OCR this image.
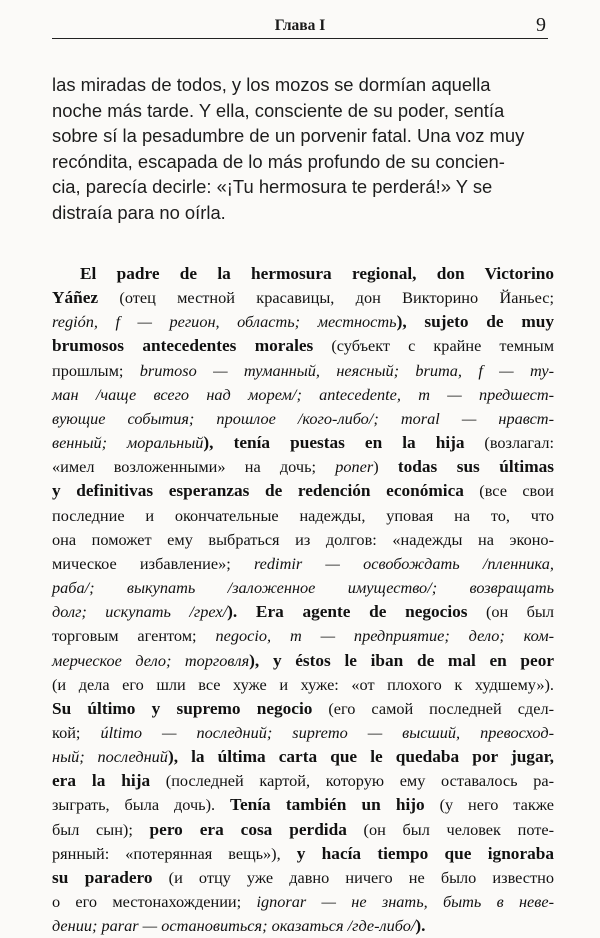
Глава I	9
las miradas de todos, y los mozos se dormían aquella
noche más tarde. Y ella, consciente de su poder, sentía
sobre sí la pesadumbre de un porvenir fatal. Una voz muy
recóndita, escapada de lo más profundo de su concien-
cia, parecía decirle: «¡Tu hermosura te perderá!» Y se
distraía para no oírla.
El padre de la hermosura regional, don Victorino
Yáñez (отец местной красавицы, дон Викторино Йаньес;
región, f — регион, область; местность), sujeto de muy
brumosos antecedentes morales (субъект с крайне темным
прошлым; brumoso — туманный, неясный; bruma, f — ту-
ман /чаще всего над морем/; antecedente, m — предшест-
вующие события; прошлое /кого-либо/; moral — нравст-
венный; моральный), tenía puestas en la hija (возлагал:
«имел возложенными» на дочь; poner) todas sus últimas
y definitivas esperanzas de redención económica (все свои
последние и окончательные надежды, уповая на то, что
она поможет ему выбраться из долгов: «надежды на эконо-
мическое избавление»; redimir — освобождать /пленника,
раба/; выкупать /заложенное имущество/; возвращать
долг; искупать /грех/). Era agente de negocios (он был
торговым агентом; negocio, m — предприятие; дело; ком-
мерческое дело; торговля), y éstos le iban de mal en peor
(и дела его шли все хуже и хуже: «от плохого к худшему»).
Su último y supremo negocio (его самой последней сдел-
кой; último — последний; supremo — высший, превосход-
ный; последний), la última carta que le quedaba por jugar,
era la hija (последней картой, которую ему оставалось ра-
зыграть, была дочь). Tenía también un hijo (у него также
был сын); pero era cosa perdida (он был человек поте-
рянный: «потерянная вещь»), y hacía tiempo que ignoraba
su paradero (и отцу уже давно ничего не было известно
о его местонахождении; ignorar — не знать, быть в неве-
дении; parar — остановиться; оказаться /где-либо/).
